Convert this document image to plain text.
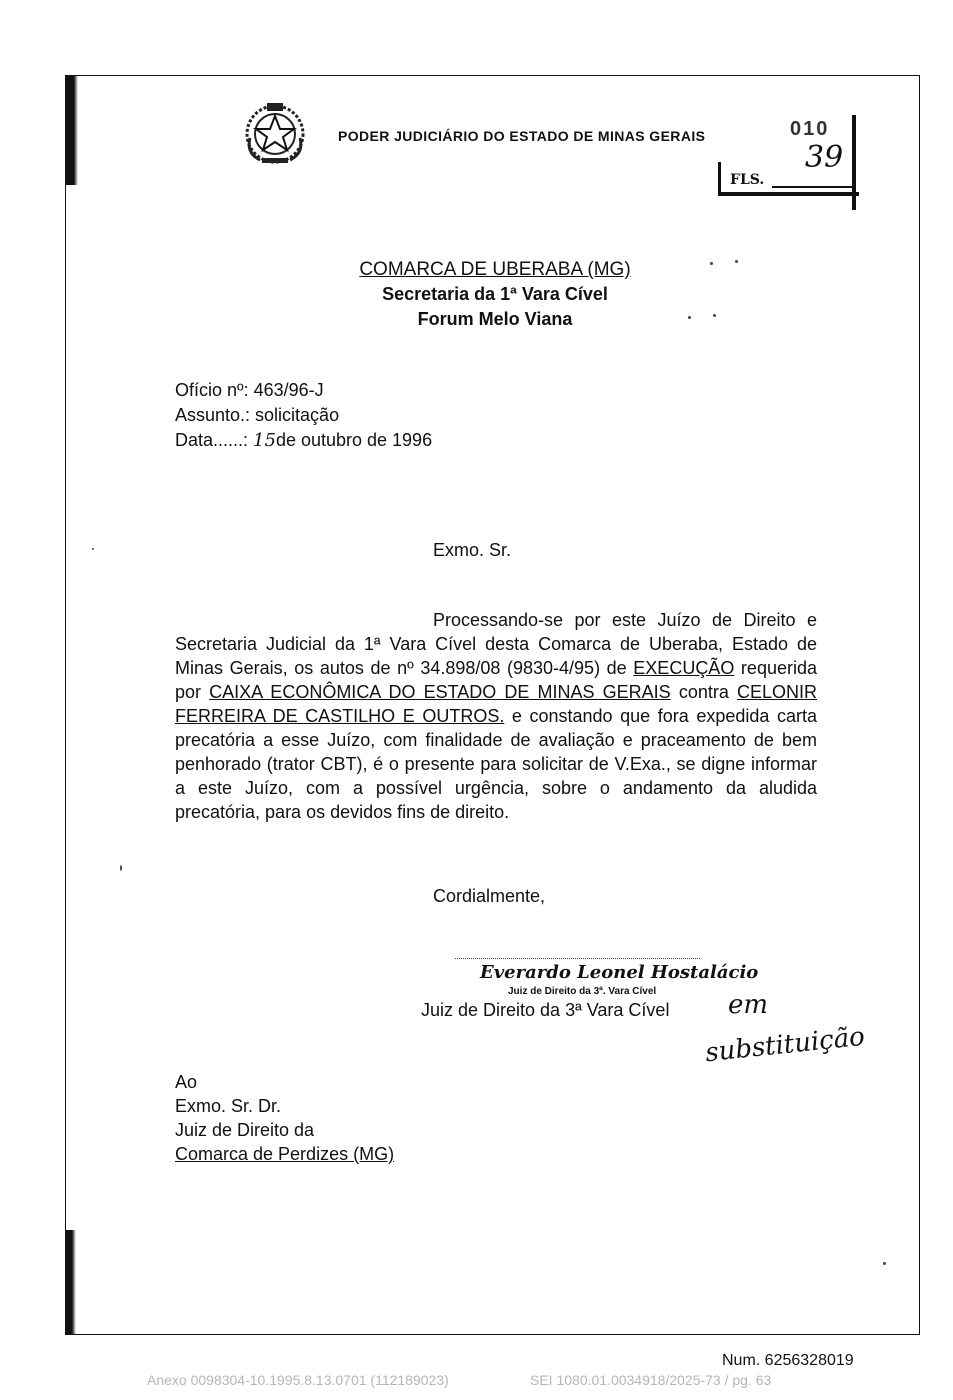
PODER JUDICIÁRIO DO ESTADO DE MINAS GERAIS	010
FLS.
39
COMARCA DE UBERABA (MG)
Secretaria da 1ª Vara Cível
Forum Melo Viana
Ofício nº: 463/96-J
Assunto.: solicitação
Data......: 15de outubro de 1996
Exmo. Sr.
Processando-se por este Juízo de Direito e Secretaria Judicial da 1ª Vara Cível desta Comarca de Uberaba, Estado de Minas Gerais, os autos de nº 34.898/08 (9830-4/95) de EXECUÇÃO requerida por CAIXA ECONÔMICA DO ESTADO DE MINAS GERAIS contra CELONIR FERREIRA DE CASTILHO E OUTROS. e constando que fora expedida carta precatória a esse Juízo, com finalidade de avaliação e praceamento de bem penhorado (trator CBT), é o presente para solicitar de V.Exa., se digne informar a este Juízo, com a possível urgência, sobre o andamento da aludida precatória, para os devidos fins de direito.
Cordialmente,
Everardo Leonel Hostalácio
Juiz de Direito da 3ª. Vara Cível
Juiz de Direito da 3ª Vara Cível em
substituição
Ao
Exmo. Sr. Dr.
Juiz de Direito da
Comarca de Perdizes (MG)
Num. 6256328019
Anexo 0098304-10.1995.8.13.0701 (112189023)	SEI 1080.01.0034918/2025-73 / pg. 63
